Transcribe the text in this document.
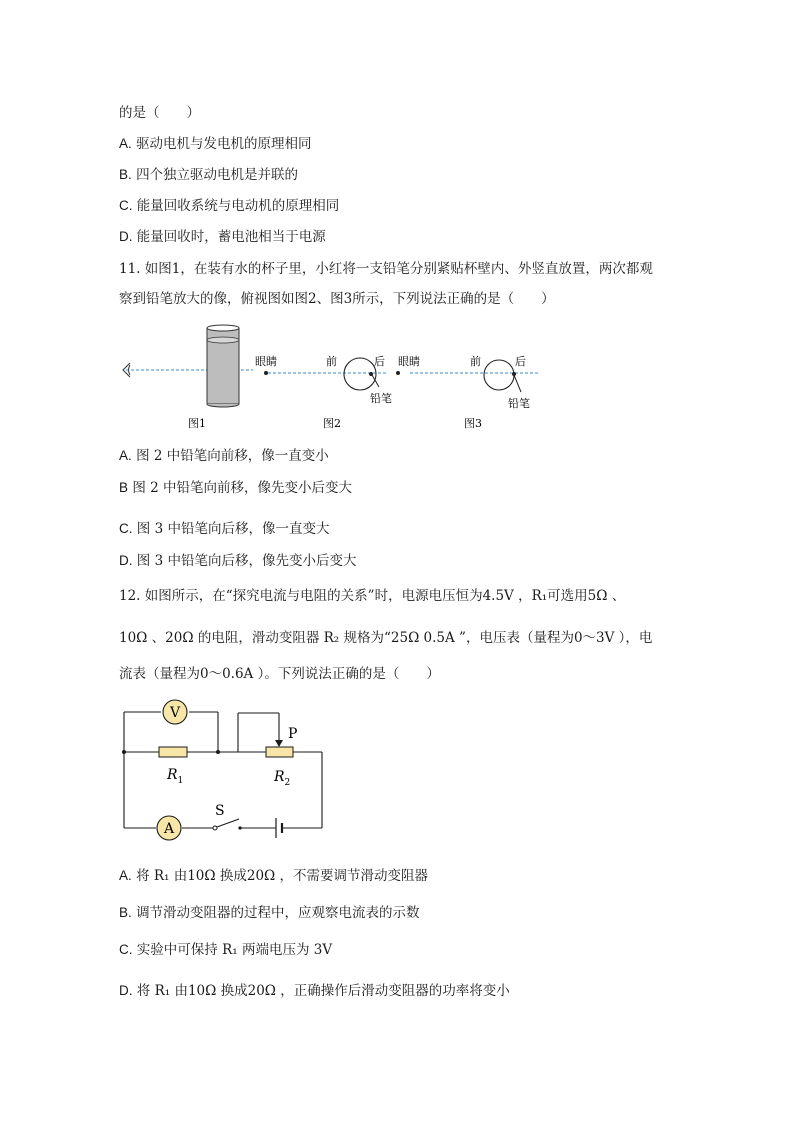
的是（　　）
A. 驱动电机与发电机的原理相同
B. 四个独立驱动电机是并联的
C. 能量回收系统与电动机的原理相同
D. 能量回收时，蓄电池相当于电源
11. 如图1，在装有水的杯子里，小红将一支铅笔分别紧贴杯壁内、外竖直放置，两次都观
察到铅笔放大的像，俯视图如图2、图3所示，下列说法正确的是（　　）
眼睛	前	后
铅笔
眼睛	前	后
铅笔
图1	图2	图3
A. 图 2 中铅笔向前移，像一直变小
B 图 2 中铅笔向前移，像先变小后变大
C. 图 3 中铅笔向后移，像一直变大
D. 图 3 中铅笔向后移，像先变小后变大
12. 如图所示，在“探究电流与电阻的关系”时，电源电压恒为4.5V ，R₁可选用5Ω 、
10Ω 、20Ω 的电阻，滑动变阻器 R₂ 规格为“25Ω 0.5A ”，电压表（量程为0～3V ），电
流表（量程为0～0.6A ）。下列说法正确的是（　　）
V
$R_1$
P
$R_2$
A
S
A. 将 R₁ 由10Ω 换成20Ω ，不需要调节滑动变阻器
B. 调节滑动变阻器的过程中，应观察电流表的示数
C. 实验中可保持 R₁ 两端电压为 3V
D. 将 R₁ 由10Ω 换成20Ω ，正确操作后滑动变阻器的功率将变小
